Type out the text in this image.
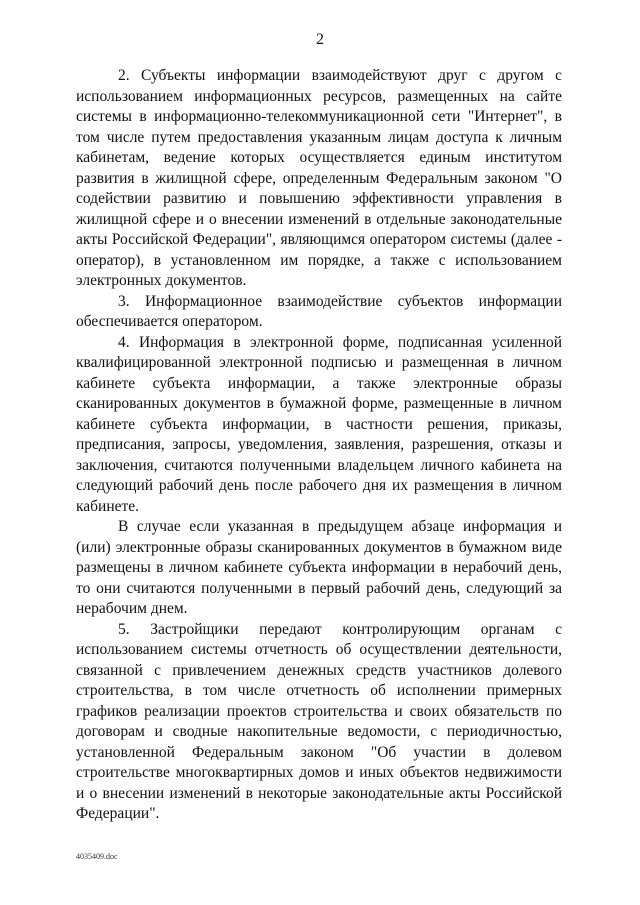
2

2. Субъекты информации взаимодействуют друг с другом с использованием информационных ресурсов, размещенных на сайте системы в информационно-телекоммуникационной сети "Интернет", в том числе путем предоставления указанным лицам доступа к личным кабинетам, ведение которых осуществляется единым институтом развития в жилищной сфере, определенным Федеральным законом "О содействии развитию и повышению эффективности управления в жилищной сфере и о внесении изменений в отдельные законодательные акты Российской Федерации", являющимся оператором системы (далее - оператор), в установленном им порядке, а также с использованием электронных документов.

3. Информационное взаимодействие субъектов информации обеспечивается оператором.

4. Информация в электронной форме, подписанная усиленной квалифицированной электронной подписью и размещенная в личном кабинете субъекта информации, а также электронные образы сканированных документов в бумажной форме, размещенные в личном кабинете субъекта информации, в частности решения, приказы, предписания, запросы, уведомления, заявления, разрешения, отказы и заключения, считаются полученными владельцем личного кабинета на следующий рабочий день после рабочего дня их размещения в личном кабинете.

В случае если указанная в предыдущем абзаце информация и (или) электронные образы сканированных документов в бумажном виде размещены в личном кабинете субъекта информации в нерабочий день, то они считаются полученными в первый рабочий день, следующий за нерабочим днем.

5. Застройщики передают контролирующим органам с использованием системы отчетность об осуществлении деятельности, связанной с привлечением денежных средств участников долевого строительства, в том числе отчетность об исполнении примерных графиков реализации проектов строительства и своих обязательств по договорам и сводные накопительные ведомости, с периодичностью, установленной Федеральным законом "Об участии в долевом строительстве многоквартирных домов и иных объектов недвижимости и о внесении изменений в некоторые законодательные акты Российской Федерации".

4035409.doc
